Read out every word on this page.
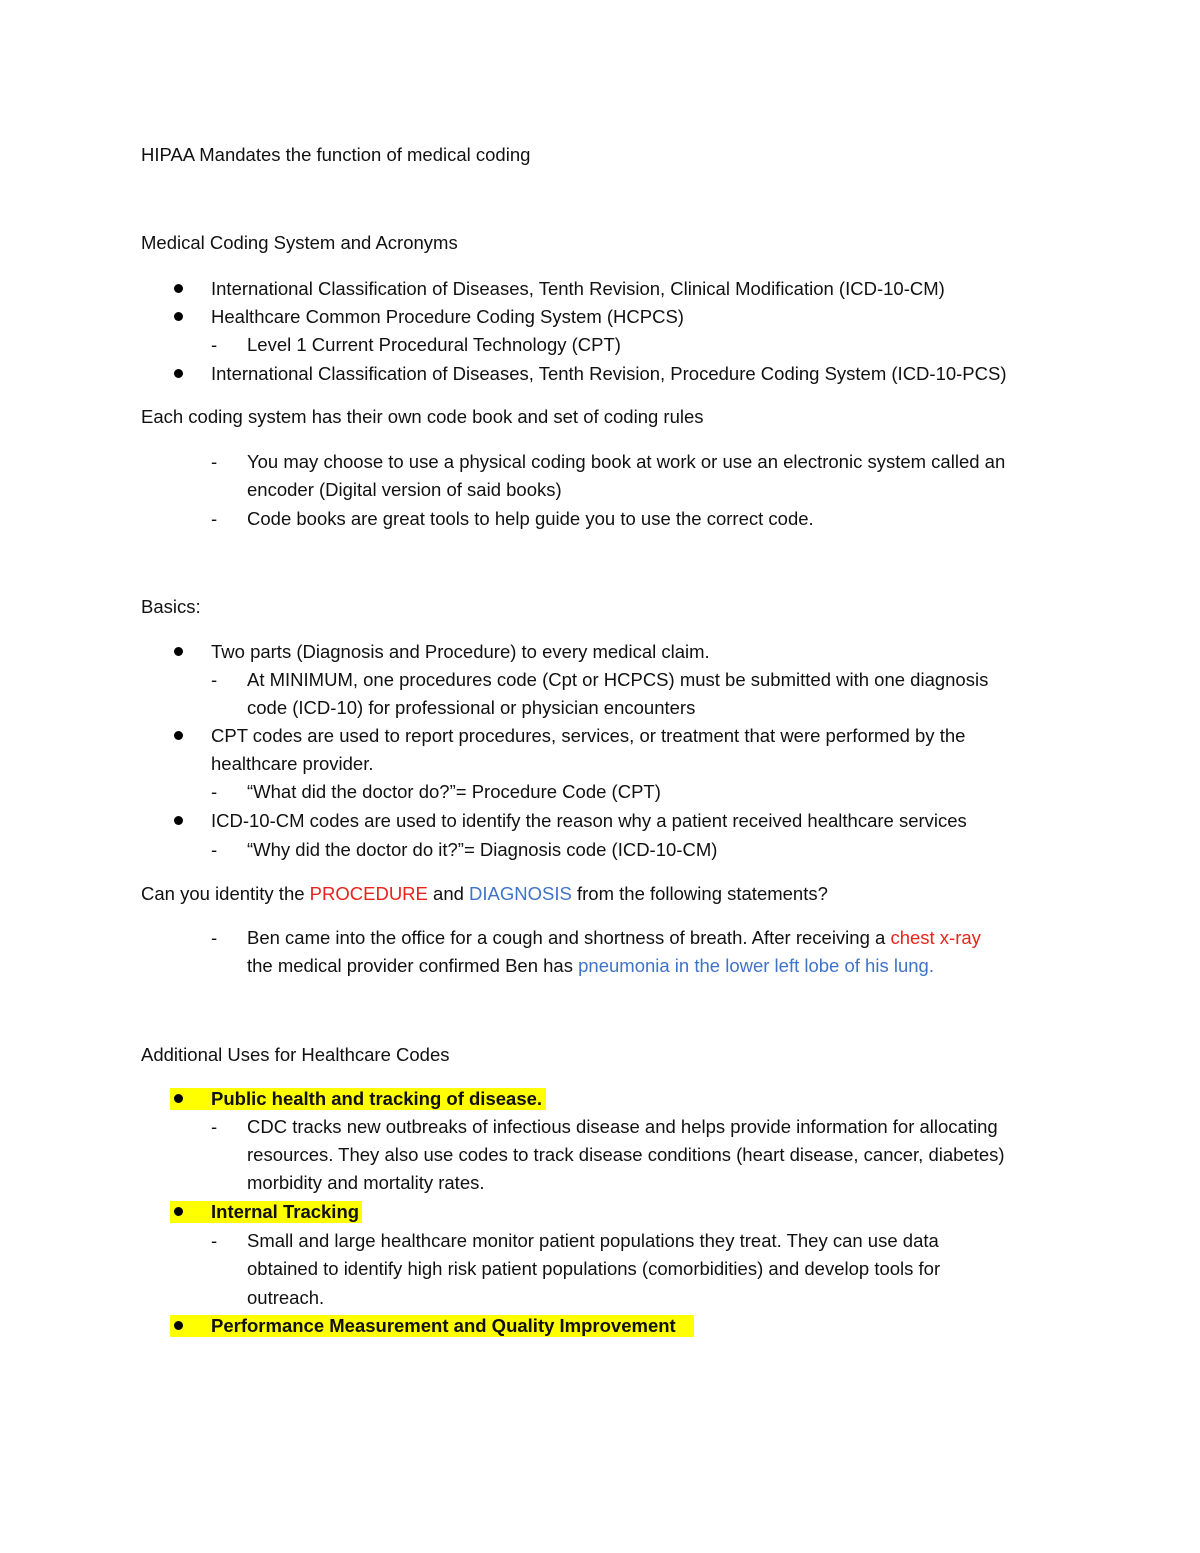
HIPAA Mandates the function of medical coding
Medical Coding System and Acronyms
International Classification of Diseases, Tenth Revision, Clinical Modification (ICD-10-CM)
Healthcare Common Procedure Coding System (HCPCS)
- Level 1 Current Procedural Technology (CPT)
International Classification of Diseases, Tenth Revision, Procedure Coding System (ICD-10-PCS)
Each coding system has their own code book and set of coding rules
- You may choose to use a physical coding book at work or use an electronic system called an
encoder (Digital version of said books)
- Code books are great tools to help guide you to use the correct code.
Basics:
Two parts (Diagnosis and Procedure) to every medical claim.
- At MINIMUM, one procedures code (Cpt or HCPCS) must be submitted with one diagnosis
code (ICD-10) for professional or physician encounters
CPT codes are used to report procedures, services, or treatment that were performed by the
healthcare provider.
- “What did the doctor do?”= Procedure Code (CPT)
ICD-10-CM codes are used to identify the reason why a patient received healthcare services
- “Why did the doctor do it?”= Diagnosis code (ICD-10-CM)
Can you identity the PROCEDURE and DIAGNOSIS from the following statements?
- Ben came into the office for a cough and shortness of breath. After receiving a chest x-ray
the medical provider confirmed Ben has pneumonia in the lower left lobe of his lung.
Additional Uses for Healthcare Codes
Public health and tracking of disease.
- CDC tracks new outbreaks of infectious disease and helps provide information for allocating
resources. They also use codes to track disease conditions (heart disease, cancer, diabetes)
morbidity and mortality rates.
Internal Tracking
- Small and large healthcare monitor patient populations they treat. They can use data
obtained to identify high risk patient populations (comorbidities) and develop tools for
outreach.
Performance Measurement and Quality Improvement
